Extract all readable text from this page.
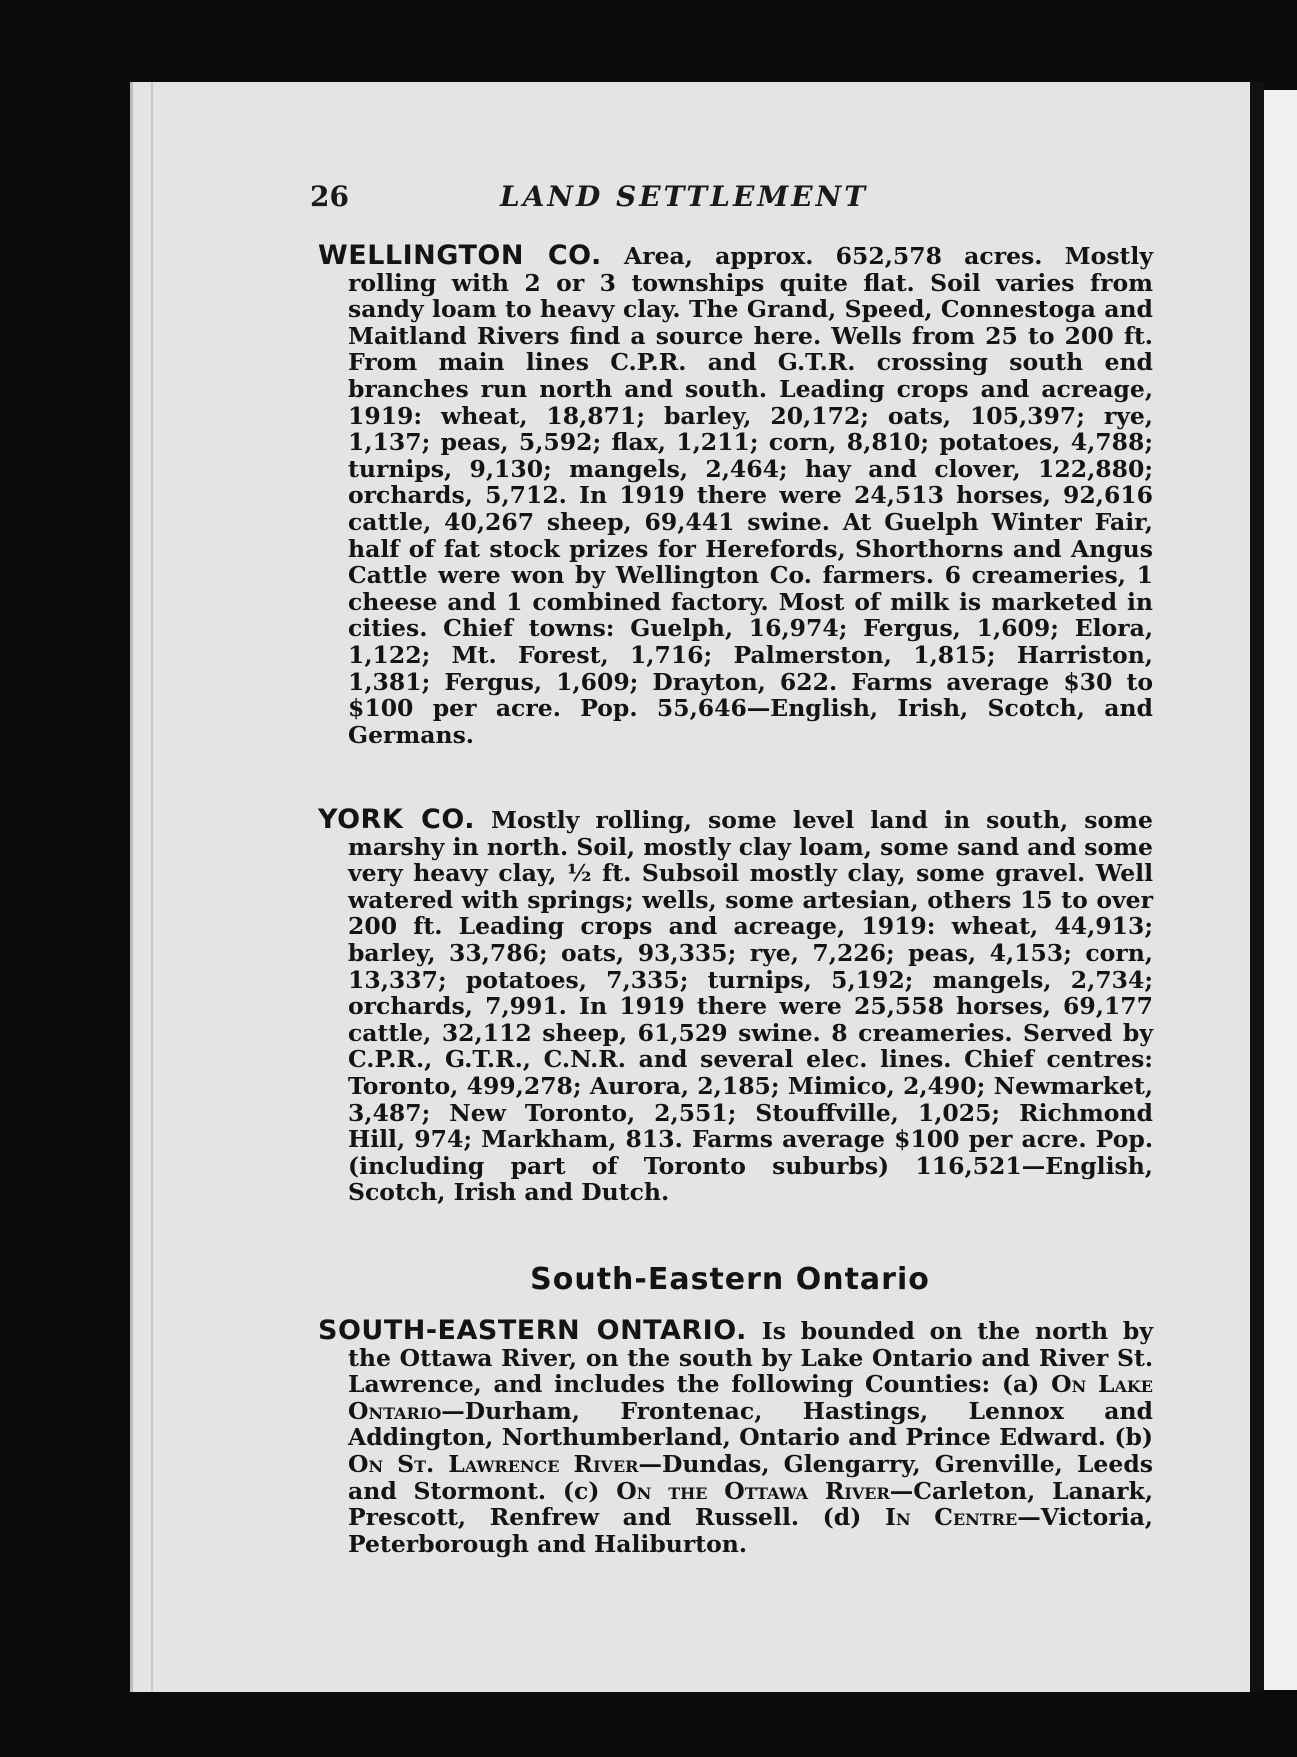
26	LAND SETTLEMENT
WELLINGTON CO. Area, approx. 652,578 acres. Mostly rolling with 2 or 3 townships quite flat. Soil varies from sandy loam to heavy clay. The Grand, Speed, Connestoga and Maitland Rivers find a source here. Wells from 25 to 200 ft. From main lines C.P.R. and G.T.R. crossing south end branches run north and south. Leading crops and acreage, 1919: wheat, 18,871; barley, 20,172; oats, 105,397; rye, 1,137; peas, 5,592; flax, 1,211; corn, 8,810; potatoes, 4,788; turnips, 9,130; mangels, 2,464; hay and clover, 122,880; orchards, 5,712. In 1919 there were 24,513 horses, 92,616 cattle, 40,267 sheep, 69,441 swine. At Guelph Winter Fair, half of fat stock prizes for Herefords, Shorthorns and Angus Cattle were won by Wellington Co. farmers. 6 creameries, 1 cheese and 1 combined factory. Most of milk is marketed in cities. Chief towns: Guelph, 16,974; Fergus, 1,609; Elora, 1,122; Mt. Forest, 1,716; Palmerston, 1,815; Harriston, 1,381; Fergus, 1,609; Drayton, 622. Farms average $30 to $100 per acre. Pop. 55,646—English, Irish, Scotch, and Germans.
YORK CO. Mostly rolling, some level land in south, some marshy in north. Soil, mostly clay loam, some sand and some very heavy clay, ½ ft. Subsoil mostly clay, some gravel. Well watered with springs; wells, some artesian, others 15 to over 200 ft. Leading crops and acreage, 1919: wheat, 44,913; barley, 33,786; oats, 93,335; rye, 7,226; peas, 4,153; corn, 13,337; potatoes, 7,335; turnips, 5,192; mangels, 2,734; orchards, 7,991. In 1919 there were 25,558 horses, 69,177 cattle, 32,112 sheep, 61,529 swine. 8 creameries. Served by C.P.R., G.T.R., C.N.R. and several elec. lines. Chief centres: Toronto, 499,278; Aurora, 2,185; Mimico, 2,490; Newmarket, 3,487; New Toronto, 2,551; Stouffville, 1,025; Richmond Hill, 974; Markham, 813. Farms average $100 per acre. Pop. (including part of Toronto suburbs) 116,521—English, Scotch, Irish and Dutch.
South-Eastern Ontario
SOUTH-EASTERN ONTARIO. Is bounded on the north by the Ottawa River, on the south by Lake Ontario and River St. Lawrence, and includes the following Counties: (a) On Lake Ontario—Durham, Frontenac, Hastings, Lennox and Addington, Northumberland, Ontario and Prince Edward. (b) On St. Lawrence River—Dundas, Glengarry, Grenville, Leeds and Stormont. (c) On the Ottawa River—Carleton, Lanark, Prescott, Renfrew and Russell. (d) In Centre—Victoria, Peterborough and Haliburton.
